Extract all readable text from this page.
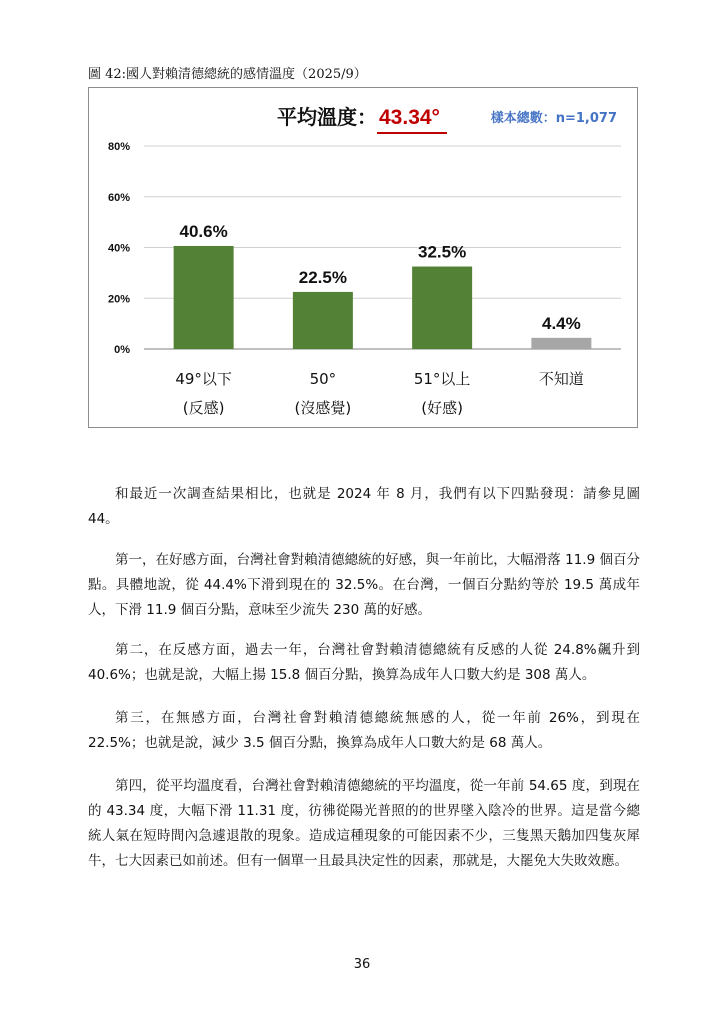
圖 42:國人對賴清德總統的感情溫度（2025/9）
平均溫度： 43.34°	樣本總數：n=1,077
0%
20%
40%
60%
80%
40.6%
49°以下
(反感)
22.5%
50°
(沒感覺)
32.5%
51°以上
(好感)
4.4%
不知道

和最近一次調查結果相比，也就是 2024 年 8 月，我們有以下四點發現：請參見圖 44。

第一，在好感方面，台灣社會對賴清德總統的好感，與一年前比，大幅滑落 11.9 個百分點。具體地說，從 44.4%下滑到現在的 32.5%。在台灣，一個百分點約等於 19.5 萬成年人，下滑 11.9 個百分點，意味至少流失 230 萬的好感。

第二，在反感方面，過去一年，台灣社會對賴清德總統有反感的人從 24.8%飆升到 40.6%；也就是說，大幅上揚 15.8 個百分點，換算為成年人口數大約是 308 萬人。

第三，在無感方面，台灣社會對賴清德總統無感的人，從一年前 26%，到現在 22.5%；也就是說，減少 3.5 個百分點，換算為成年人口數大約是 68 萬人。

第四，從平均溫度看，台灣社會對賴清德總統的平均溫度，從一年前 54.65 度，到現在的 43.34 度，大幅下滑 11.31 度，彷彿從陽光普照的的世界墜入陰冷的世界。這是當今總統人氣在短時間內急遽退散的現象。造成這種現象的可能因素不少，三隻黑天鵝加四隻灰犀牛，七大因素已如前述。但有一個單一且最具決定性的因素，那就是，大罷免大失敗效應。

36
